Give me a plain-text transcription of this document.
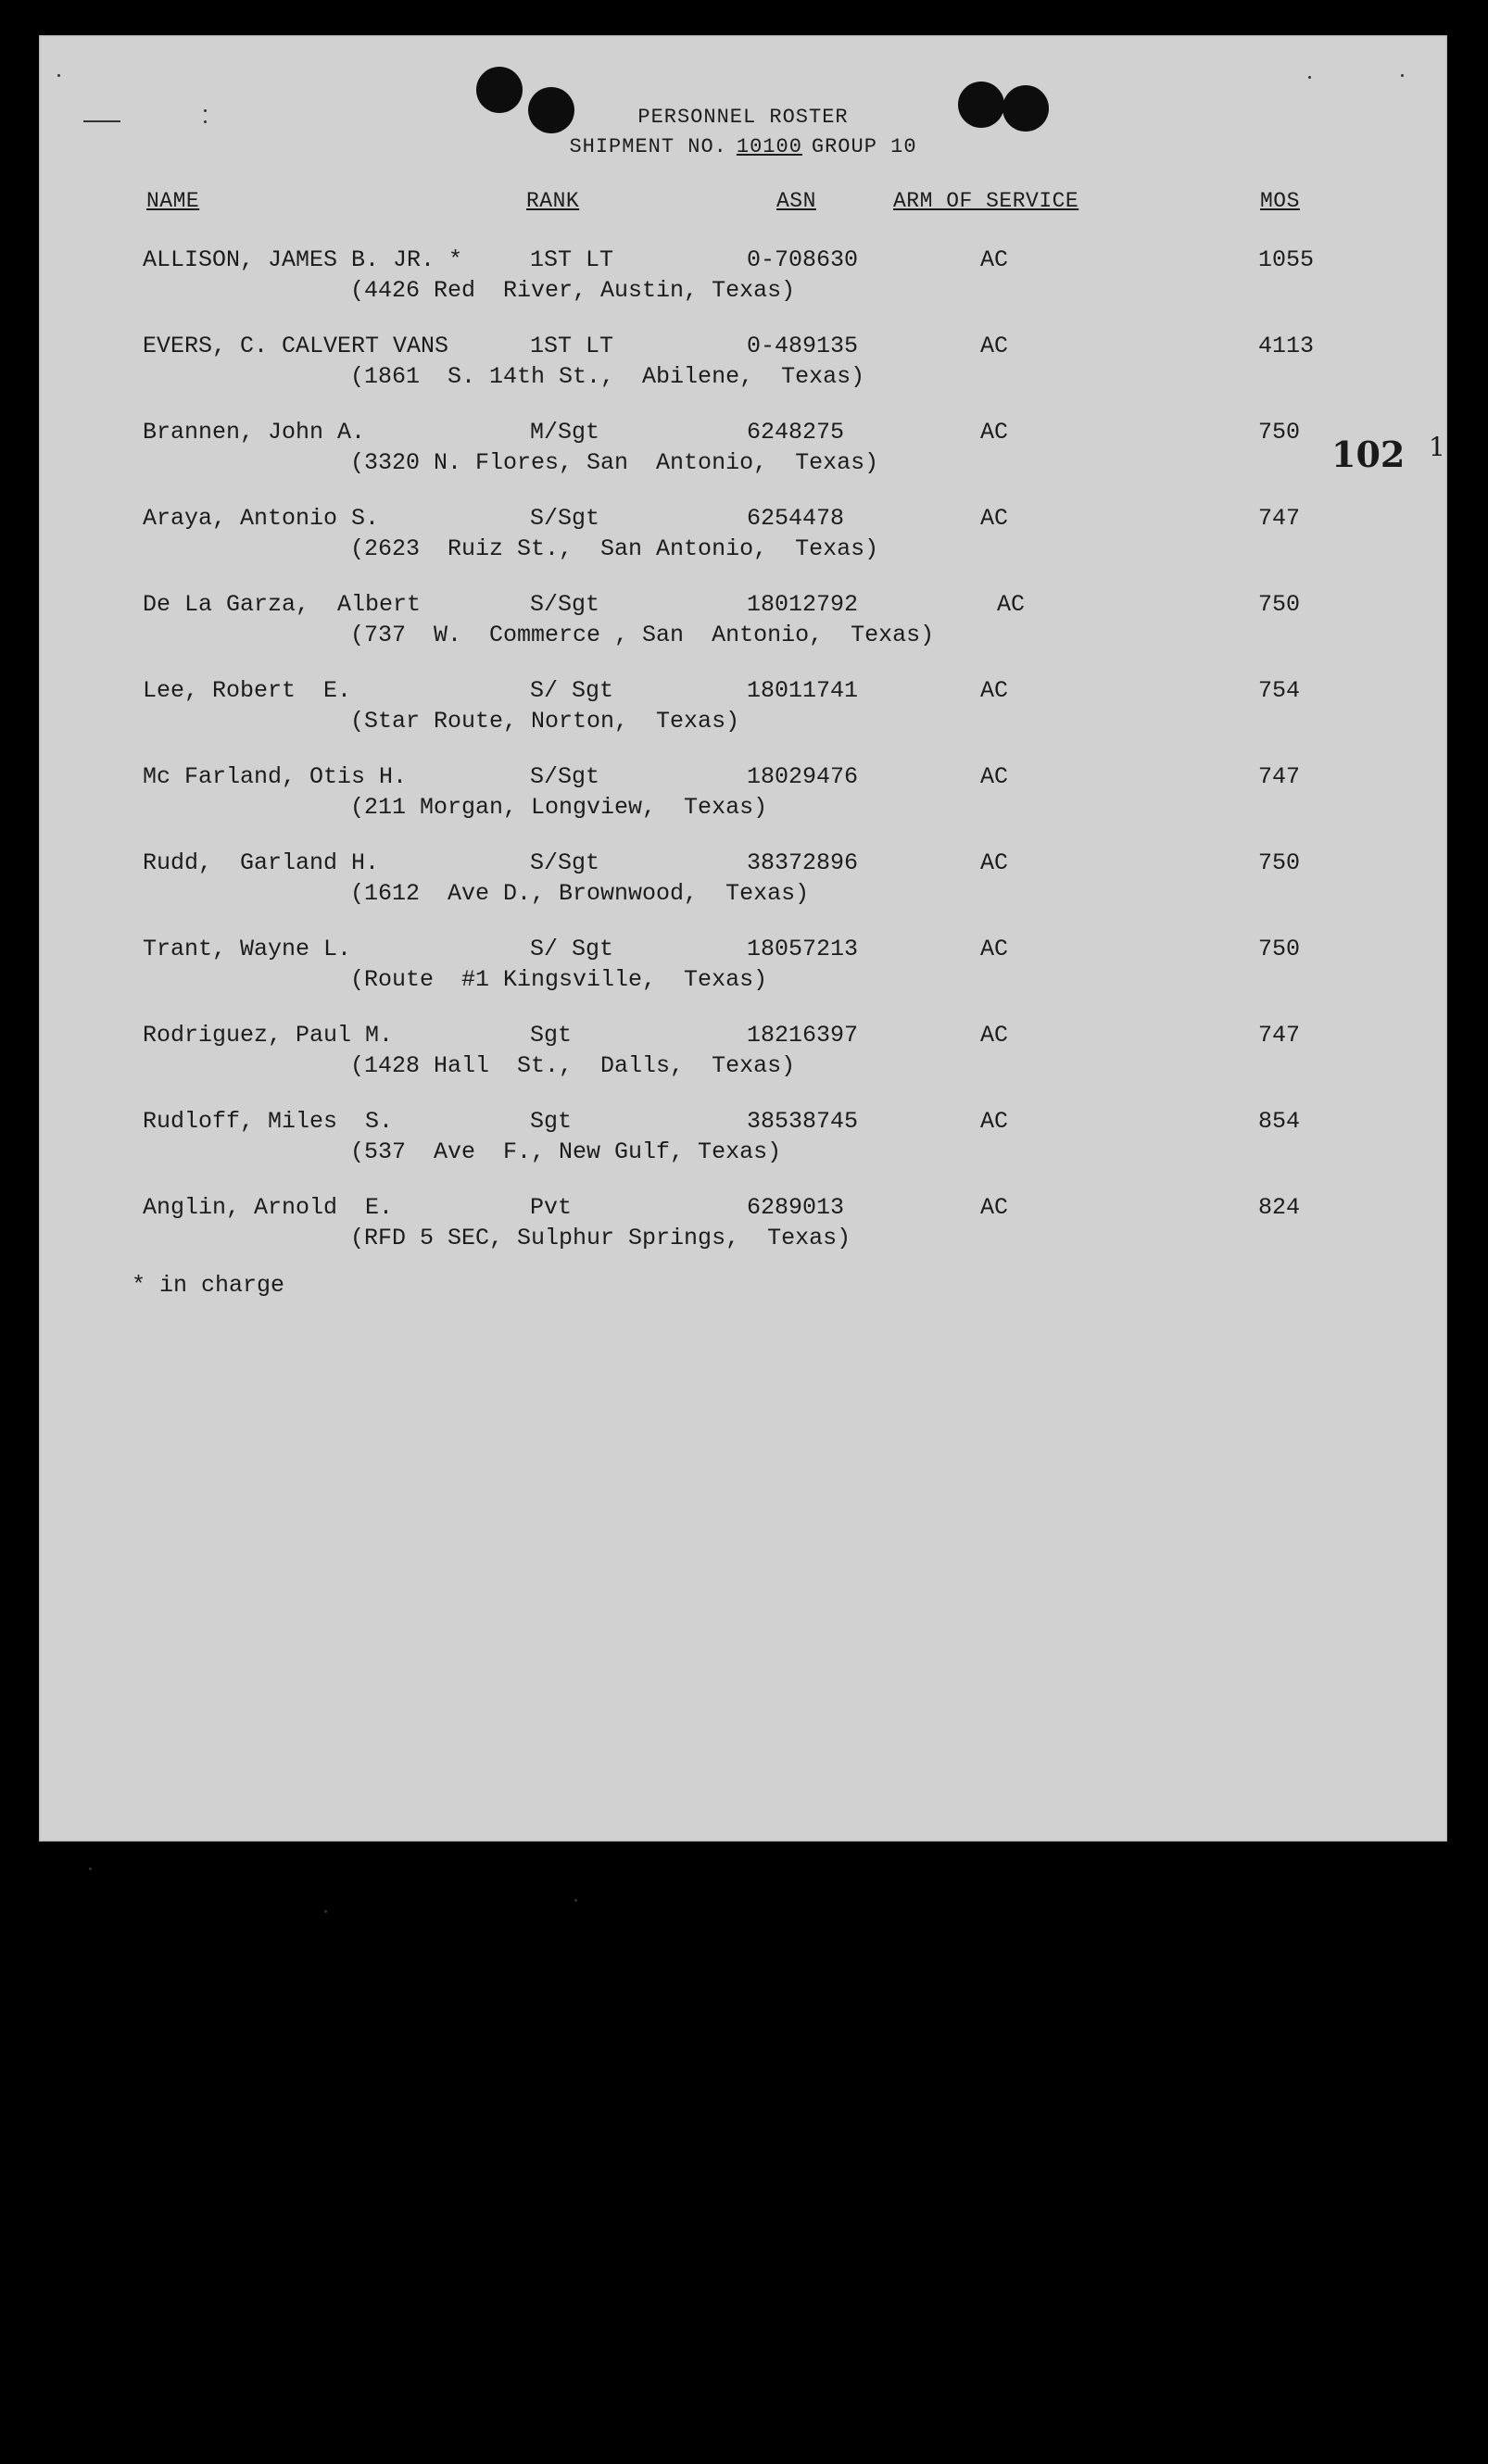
PERSONNEL ROSTER
SHIPMENT NO. 10100 GROUP 10
NAME	RANK	ASN	ARM OF SERVICE	MOS
ALLISON, JAMES B. JR. *	1ST LT	0-708630	AC	1055
(4426 Red  River, Austin, Texas)
EVERS, C. CALVERT VANS	1ST LT	0-489135	AC	4113
(1861  S. 14th St.,  Abilene,  Texas)
Brannen, John A.	M/Sgt	6248275	AC	750
(3320 N. Flores, San  Antonio,  Texas)
Araya, Antonio S.	S/Sgt	6254478	AC	747
(2623  Ruiz St.,  San Antonio,  Texas)
De La Garza,  Albert	S/Sgt	18012792	AC	750
(737  W.  Commerce , San  Antonio,  Texas)
Lee, Robert  E.	S/ Sgt	18011741	AC	754
(Star Route, Norton,  Texas)
Mc Farland, Otis H.	S/Sgt	18029476	AC	747
(211 Morgan, Longview,  Texas)
Rudd,  Garland H.	S/Sgt	38372896	AC	750
(1612  Ave D., Brownwood,  Texas)
Trant, Wayne L.	S/ Sgt	18057213	AC	750
(Route  #1 Kingsville,  Texas)
Rodriguez, Paul M.	Sgt	18216397	AC	747
(1428 Hall  St.,  Dalls,  Texas)
Rudloff, Miles  S.	Sgt	38538745	AC	854
(537  Ave  F., New Gulf, Texas)
Anglin, Arnold  E.	Pvt	6289013	AC	824
(RFD 5 SEC, Sulphur Springs,  Texas)
* in charge
102 1
